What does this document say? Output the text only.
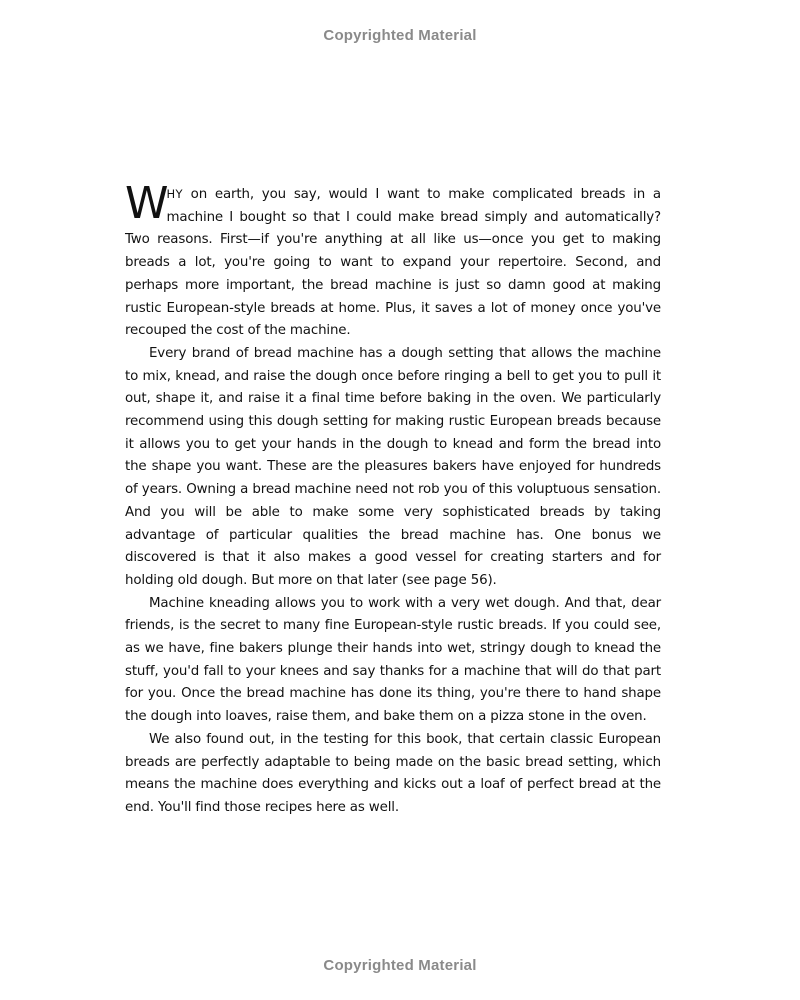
Copyrighted Material

WHY on earth, you say, would I want to make complicated breads in a machine I bought so that I could make bread simply and automatically? Two reasons. First—if you're anything at all like us—once you get to making breads a lot, you're going to want to expand your repertoire. Second, and perhaps more important, the bread machine is just so damn good at making rustic European-style breads at home. Plus, it saves a lot of money once you've recouped the cost of the machine.

Every brand of bread machine has a dough setting that allows the machine to mix, knead, and raise the dough once before ringing a bell to get you to pull it out, shape it, and raise it a final time before baking in the oven. We particularly recommend using this dough setting for making rustic European breads because it allows you to get your hands in the dough to knead and form the bread into the shape you want. These are the pleasures bakers have enjoyed for hundreds of years. Owning a bread machine need not rob you of this voluptuous sensation. And you will be able to make some very sophisticated breads by taking advantage of particular qualities the bread machine has. One bonus we discovered is that it also makes a good vessel for creating starters and for holding old dough. But more on that later (see page 56).

Machine kneading allows you to work with a very wet dough. And that, dear friends, is the secret to many fine European-style rustic breads. If you could see, as we have, fine bakers plunge their hands into wet, stringy dough to knead the stuff, you'd fall to your knees and say thanks for a machine that will do that part for you. Once the bread machine has done its thing, you're there to hand shape the dough into loaves, raise them, and bake them on a pizza stone in the oven.

We also found out, in the testing for this book, that certain classic European breads are perfectly adaptable to being made on the basic bread setting, which means the machine does everything and kicks out a loaf of perfect bread at the end. You'll find those recipes here as well.

Copyrighted Material
